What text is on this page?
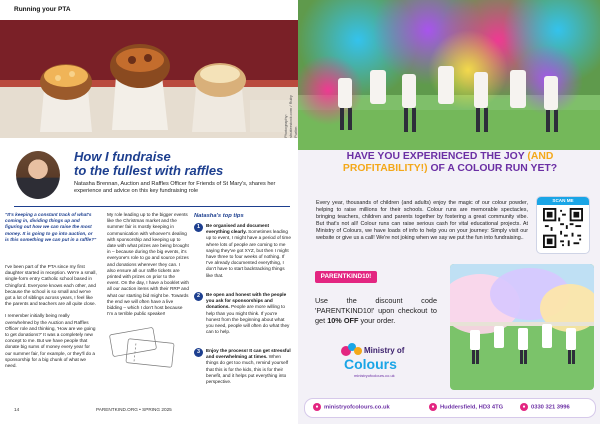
Running your PTA
Photography: shutterstock.com / Ruby Purlim
How I fundraise
to the fullest with raffles
Natasha Brennan, Auction and Raffles Officer for Friends of St Mary's, shares her experience and advice on this key fundraising role
"It's keeping a constant track of what's coming in, dividing things up and figuring out how we can raise the most money. It is going to go into auction, or is this something we can put in a raffle?"

I've been part of the PTA since my first daughter started in reception. We're a small, single-form entry Catholic school based in Chingford. Everyone knows each other, and because the school is so small and we've got a lot of siblings across years, I feel like the parents and teachers are all quite close.

I remember initially being really overwhelmed by the Auction and Raffles Officer role and thinking, 'How are we going to get donations?' It was a completely new concept to me. But we have people that donate big sums of money every year for our summer fair, for example, or they'll do a sponsorship for a big chunk of what we need.

My role leading up to the bigger events like the Christmas market and the summer fair is mostly keeping in communication with whoever's dealing with sponsorship and keeping up to date with what prizes are being brought in – because during the big events, it's everyone's role to go and source prizes and donations wherever they can. I also ensure all our raffle tickets are printed with prizes on prior to the event. On the day, I have a booklet with all our auction items with their RRP and what our starting bid might be. Towards the end we will often have a live bidding – which I don't host because I'm a terrible public speaker!

Natasha's top tips
1	Be organised and document everything clearly. Sometimes leading up to event, I might have a period of time where lots of people are coming to me saying they've got XYZ, but then I might have three to four weeks of nothing. If I've already documented everything, I don't have to start backtracking things like that.
2	Be open and honest with the people you ask for sponsorships and donations. People are more willing to help than you might think. If you're honest from the beginning about what you need, people will often do what they can to help.
3	Enjoy the process! It can get stressful and overwhelming at times. When things do get too much, remind yourself that this is for the kids, this is for their benefit, and it helps put everything into perspective.
14	PARENTKIND.ORG • SPRING 2025
HAVE YOU EXPERIENCED THE JOY (AND PROFITABILITY!) OF A COLOUR RUN YET?
Every year, thousands of children (and adults) enjoy the magic of our colour powder, helping to raise millions for their schools. Colour runs are memorable spectacles, bringing teachers, children and parents together by fostering a great community vibe. But that's not all! Colour runs can raise serious cash for vital educational projects. At Ministry of Colours, we have loads of info to help you on your journey: Simply visit our website or give us a call! We're not joking when we say we put the fun into fundraising..
SCAN ME
PARENTKIND10!
Use the discount code 'PARENTKIND10!' upon checkout to get 10% OFF your order.
Ministry of
Colours
ministryofcolours.co.uk
● ministryofcolours.co.uk	● Huddersfield, HD3 4TG	● 0330 321 3996
